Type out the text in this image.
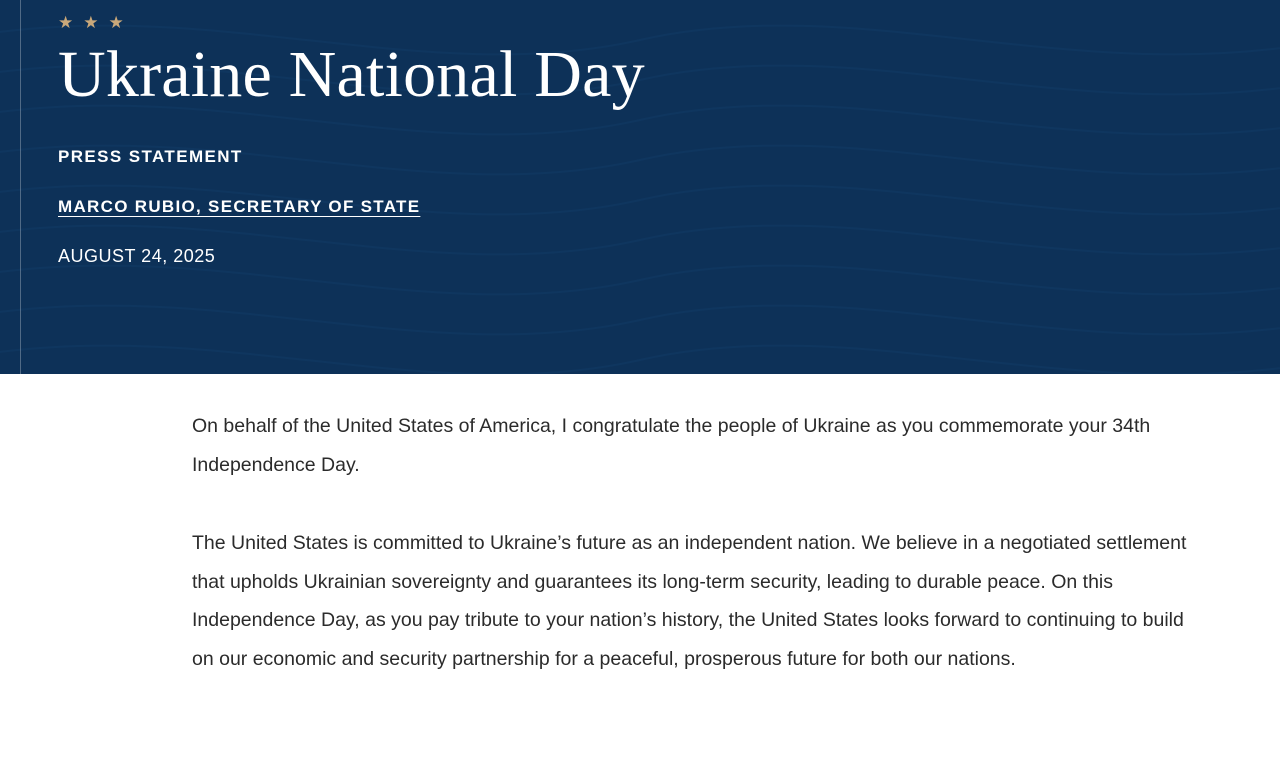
★ ★ ★
Ukraine National Day
PRESS STATEMENT
MARCO RUBIO, SECRETARY OF STATE
AUGUST 24, 2025

On behalf of the United States of America, I congratulate the people of Ukraine as you commemorate your 34th Independence Day.

The United States is committed to Ukraine’s future as an independent nation. We believe in a negotiated settlement that upholds Ukrainian sovereignty and guarantees its long-term security, leading to durable peace. On this Independence Day, as you pay tribute to your nation’s history, the United States looks forward to continuing to build on our economic and security partnership for a peaceful, prosperous future for both our nations.
